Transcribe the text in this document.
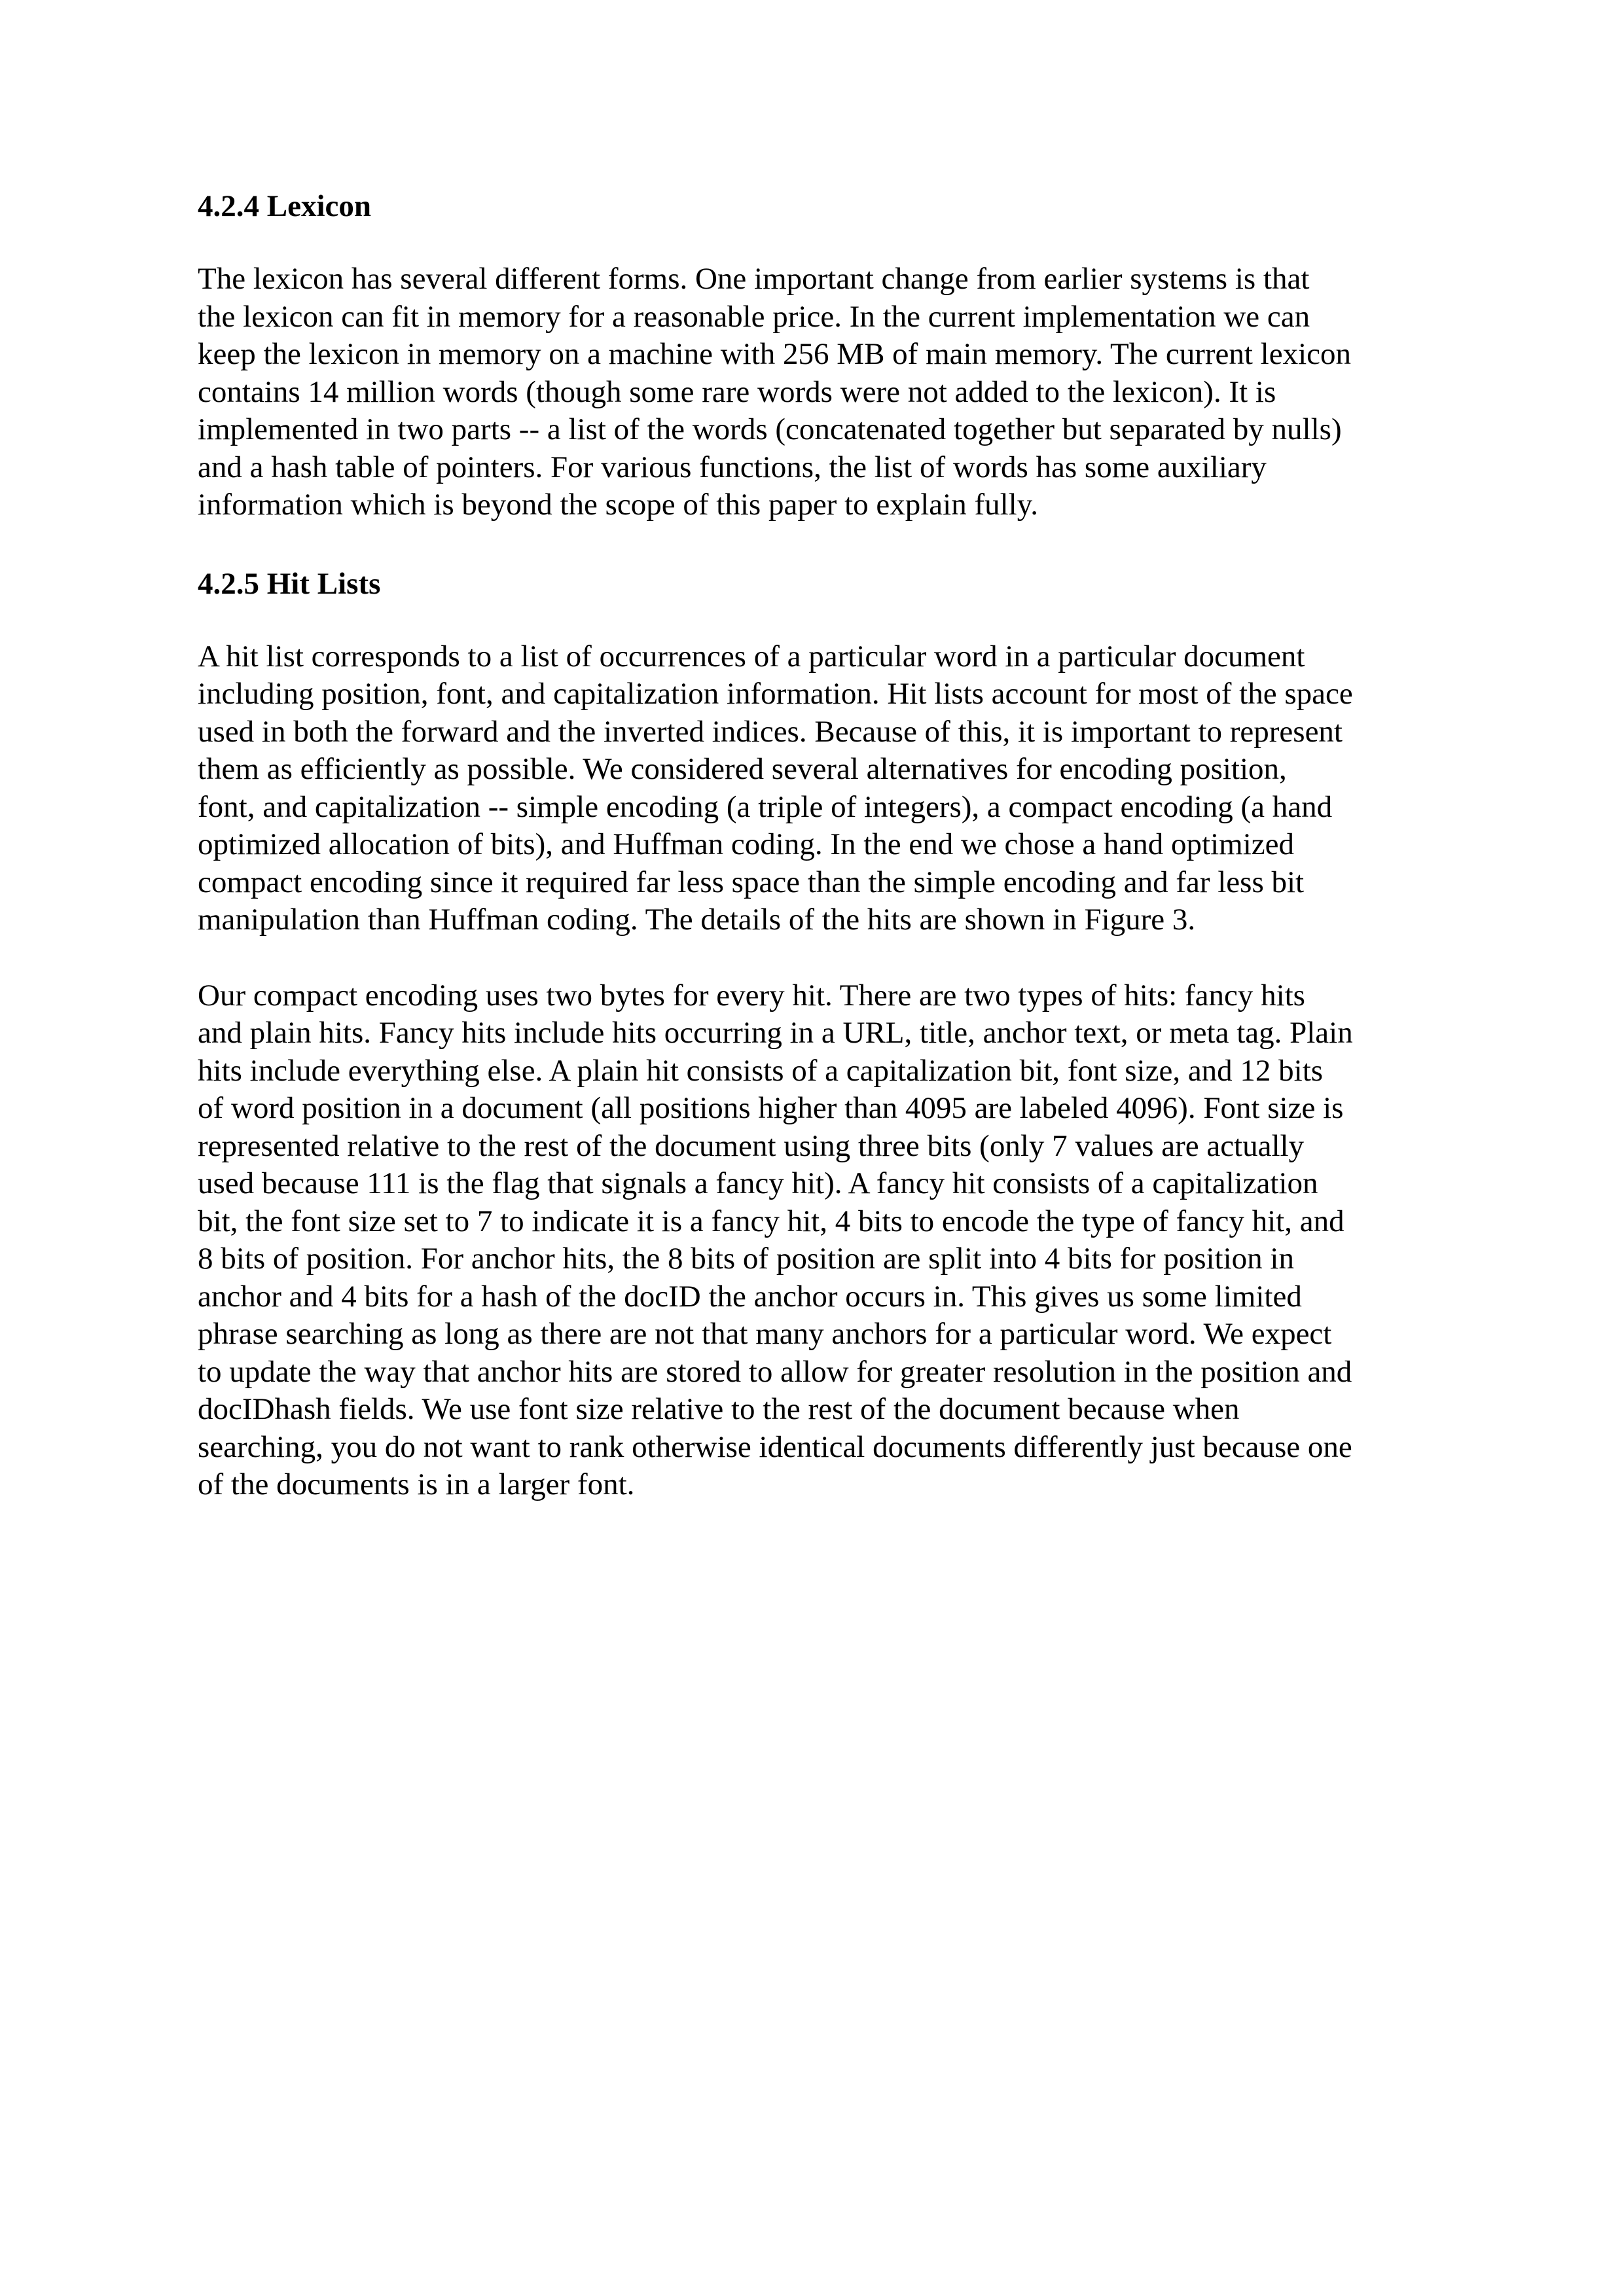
4.2.4 Lexicon

The lexicon has several different forms. One important change from earlier systems is that
the lexicon can fit in memory for a reasonable price. In the current implementation we can
keep the lexicon in memory on a machine with 256 MB of main memory. The current lexicon
contains 14 million words (though some rare words were not added to the lexicon). It is
implemented in two parts -- a list of the words (concatenated together but separated by nulls)
and a hash table of pointers. For various functions, the list of words has some auxiliary
information which is beyond the scope of this paper to explain fully.

4.2.5 Hit Lists

A hit list corresponds to a list of occurrences of a particular word in a particular document
including position, font, and capitalization information. Hit lists account for most of the space
used in both the forward and the inverted indices. Because of this, it is important to represent
them as efficiently as possible. We considered several alternatives for encoding position,
font, and capitalization -- simple encoding (a triple of integers), a compact encoding (a hand
optimized allocation of bits), and Huffman coding. In the end we chose a hand optimized
compact encoding since it required far less space than the simple encoding and far less bit
manipulation than Huffman coding. The details of the hits are shown in Figure 3.

Our compact encoding uses two bytes for every hit. There are two types of hits: fancy hits
and plain hits. Fancy hits include hits occurring in a URL, title, anchor text, or meta tag. Plain
hits include everything else. A plain hit consists of a capitalization bit, font size, and 12 bits
of word position in a document (all positions higher than 4095 are labeled 4096). Font size is
represented relative to the rest of the document using three bits (only 7 values are actually
used because 111 is the flag that signals a fancy hit). A fancy hit consists of a capitalization
bit, the font size set to 7 to indicate it is a fancy hit, 4 bits to encode the type of fancy hit, and
8 bits of position. For anchor hits, the 8 bits of position are split into 4 bits for position in
anchor and 4 bits for a hash of the docID the anchor occurs in. This gives us some limited
phrase searching as long as there are not that many anchors for a particular word. We expect
to update the way that anchor hits are stored to allow for greater resolution in the position and
docIDhash fields. We use font size relative to the rest of the document because when
searching, you do not want to rank otherwise identical documents differently just because one
of the documents is in a larger font.
